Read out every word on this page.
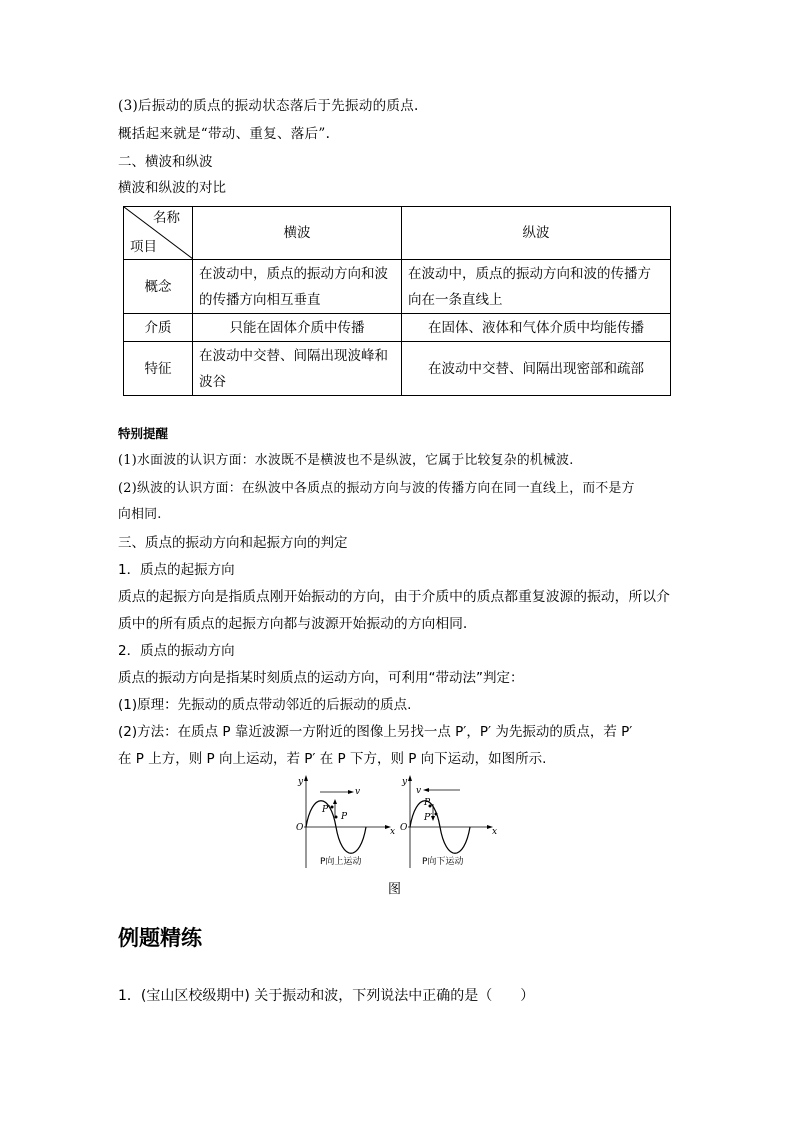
(3)后振动的质点的振动状态落后于先振动的质点.
概括起来就是“带动、重复、落后”.
二、横波和纵波
横波和纵波的对比
名称
项目	横波	纵波
概念	在波动中，质点的振动方向和波的传播方向相互垂直	在波动中，质点的振动方向和波的传播方向在一条直线上
介质	只能在固体介质中传播	在固体、液体和气体介质中均能传播
特征	在波动中交替、间隔出现波峰和波谷	在波动中交替、间隔出现密部和疏部
特别提醒
(1)水面波的认识方面：水波既不是横波也不是纵波，它属于比较复杂的机械波.
(2)纵波的认识方面：在纵波中各质点的振动方向与波的传播方向在同一直线上，而不是方
向相同.
三、质点的振动方向和起振方向的判定
1．质点的起振方向
质点的起振方向是指质点刚开始振动的方向，由于介质中的质点都重复波源的振动，所以介
质中的所有质点的起振方向都与波源开始振动的方向相同.
2．质点的振动方向
质点的振动方向是指某时刻质点的运动方向，可利用“带动法”判定：
(1)原理：先振动的质点带动邻近的后振动的质点.
(2)方法：在质点 P 靠近波源一方附近的图像上另找一点 P′，P′ 为先振动的质点，若 P′
在 P 上方，则 P 向上运动，若 P′ 在 P 下方，则 P 向下运动，如图所示.
y
x
O
v
P
P′
y
x
O
v
P
P′
P向上运动	P向下运动
图
例题精练
1．(宝山区校级期中) 关于振动和波，下列说法中正确的是（　　）
